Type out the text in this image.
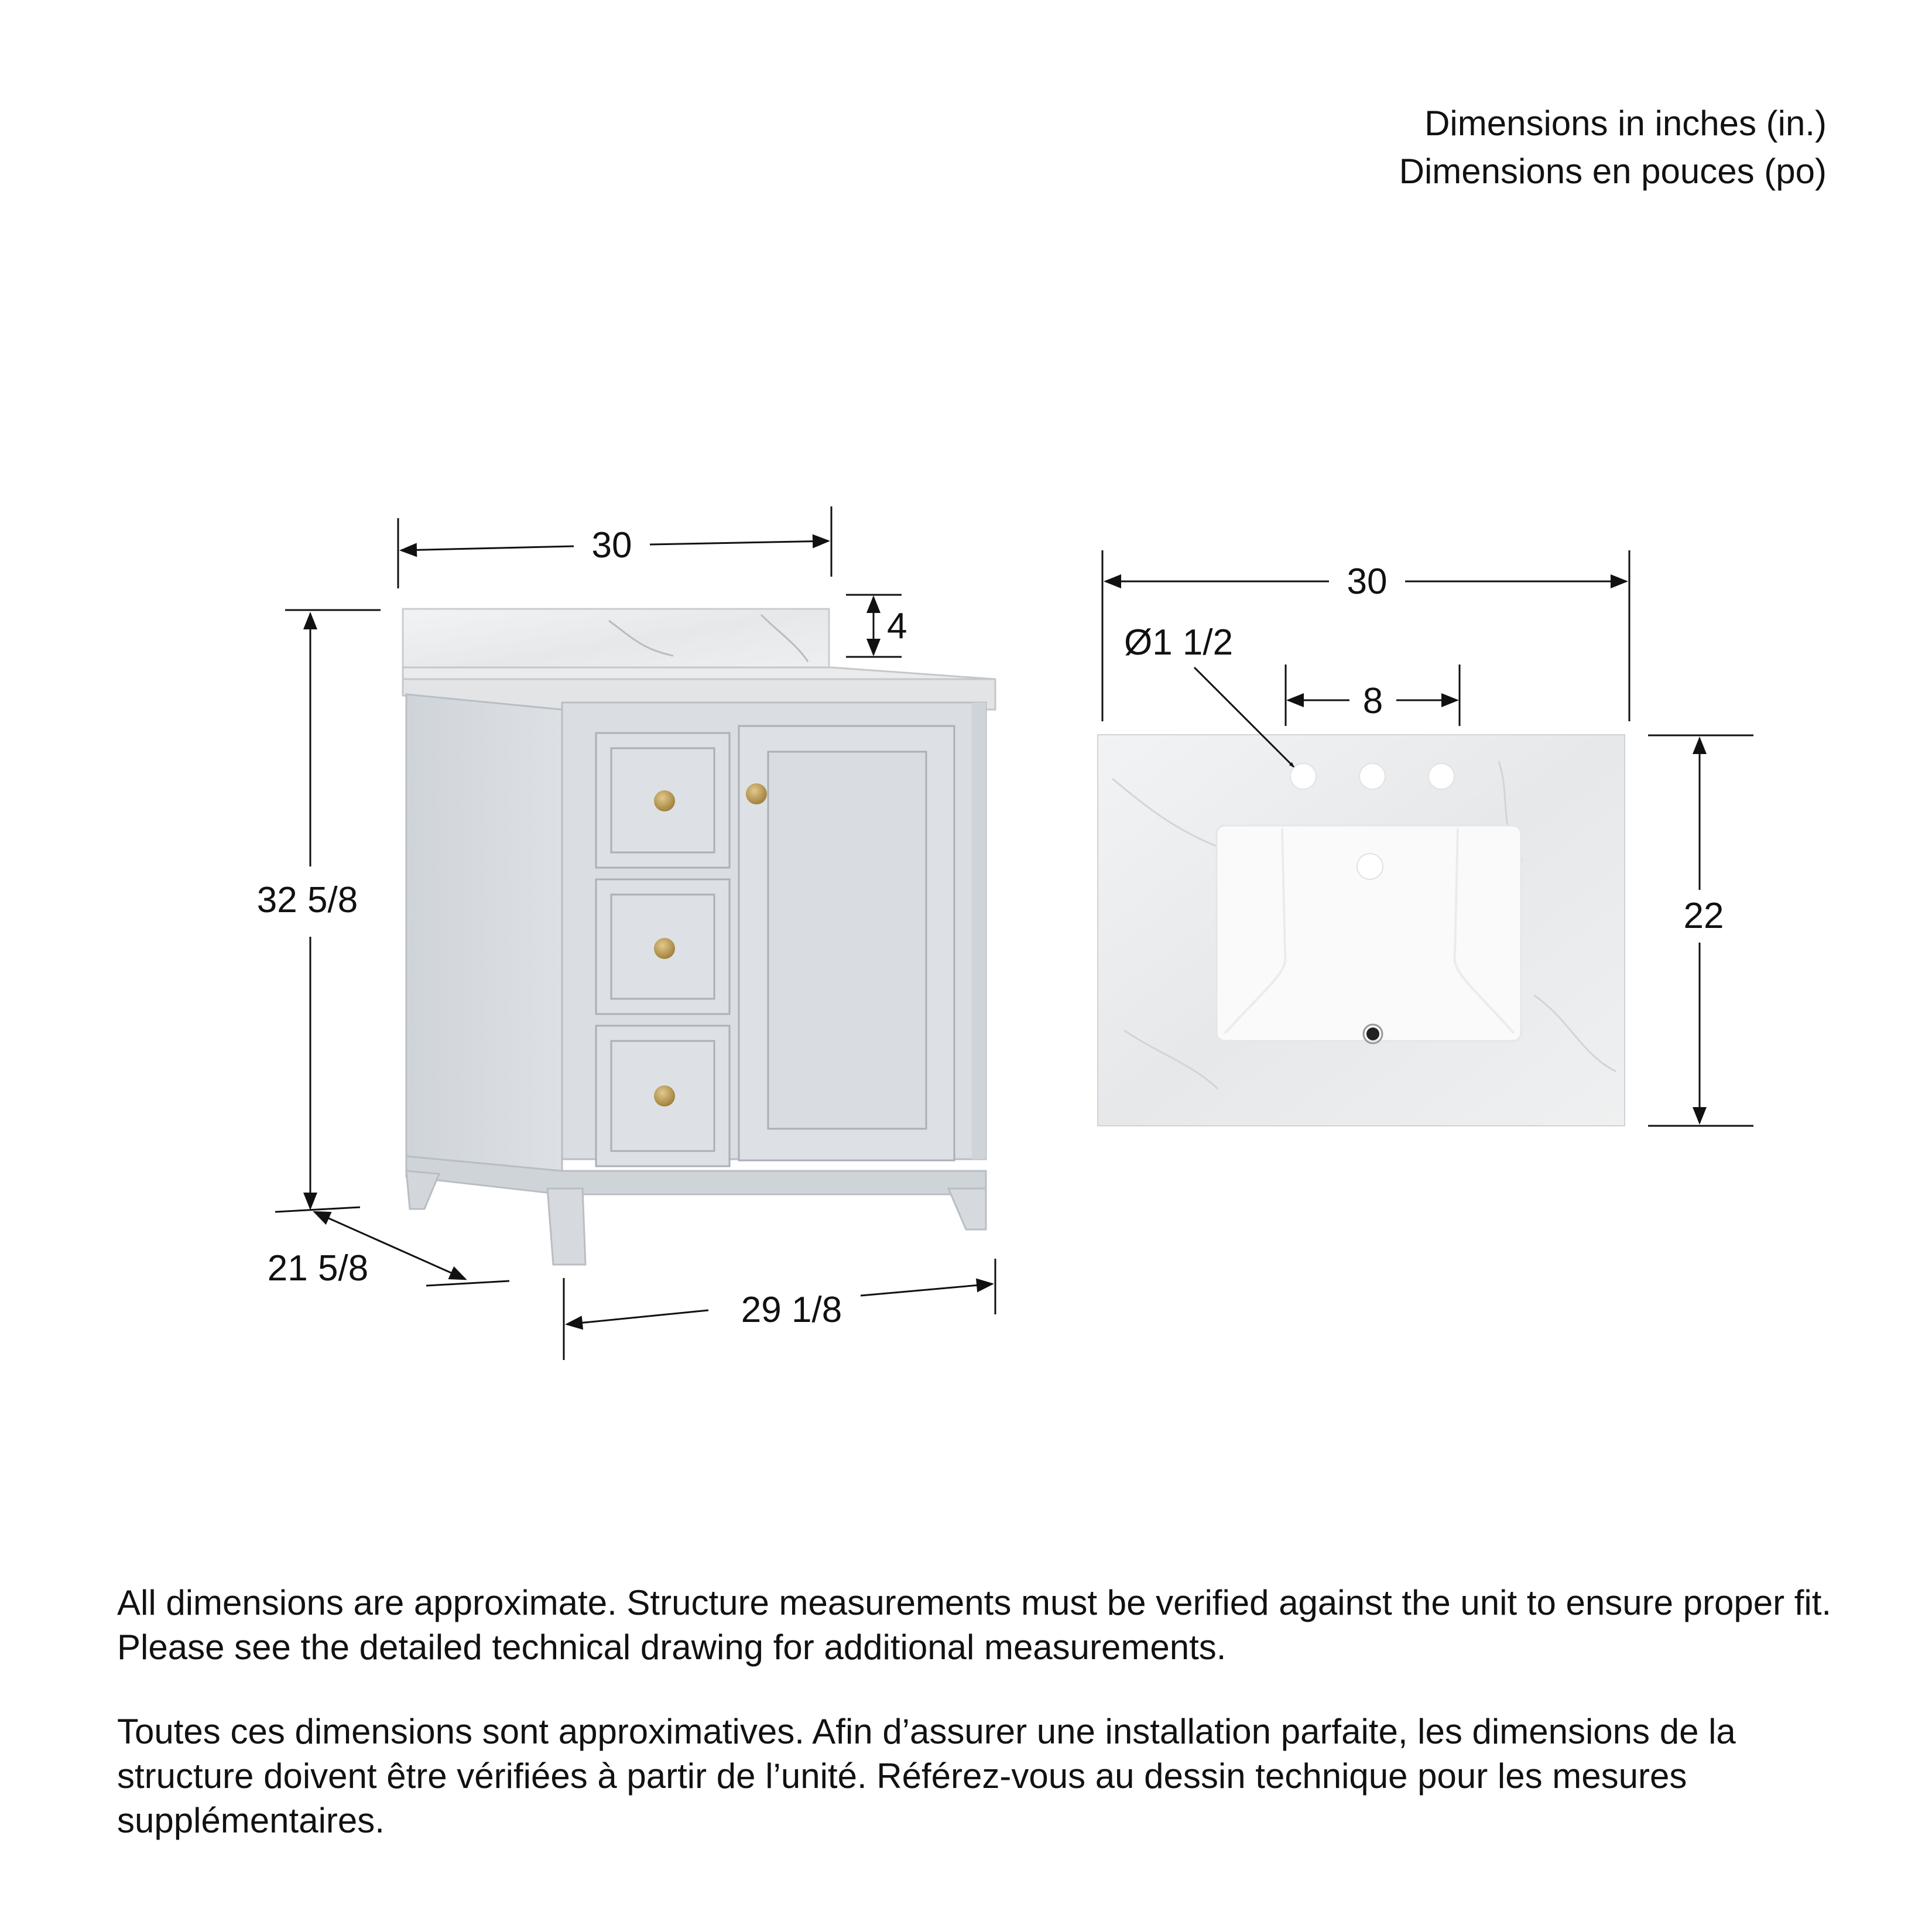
Dimensions in inches (in.)
Dimensions en pouces (po)
30
4
32 5/8
21 5/8
29 1/8
30
Ø1 1/2
8
22
All dimensions are approximate. Structure measurements must be verified against the unit to ensure proper fit. Please see the detailed technical drawing for additional measurements.
Toutes ces dimensions sont approximatives. Afin d’assurer une installation parfaite, les dimensions de la structure doivent être vérifiées à partir de l’unité. Référez-vous au dessin technique pour les mesures supplémentaires.
